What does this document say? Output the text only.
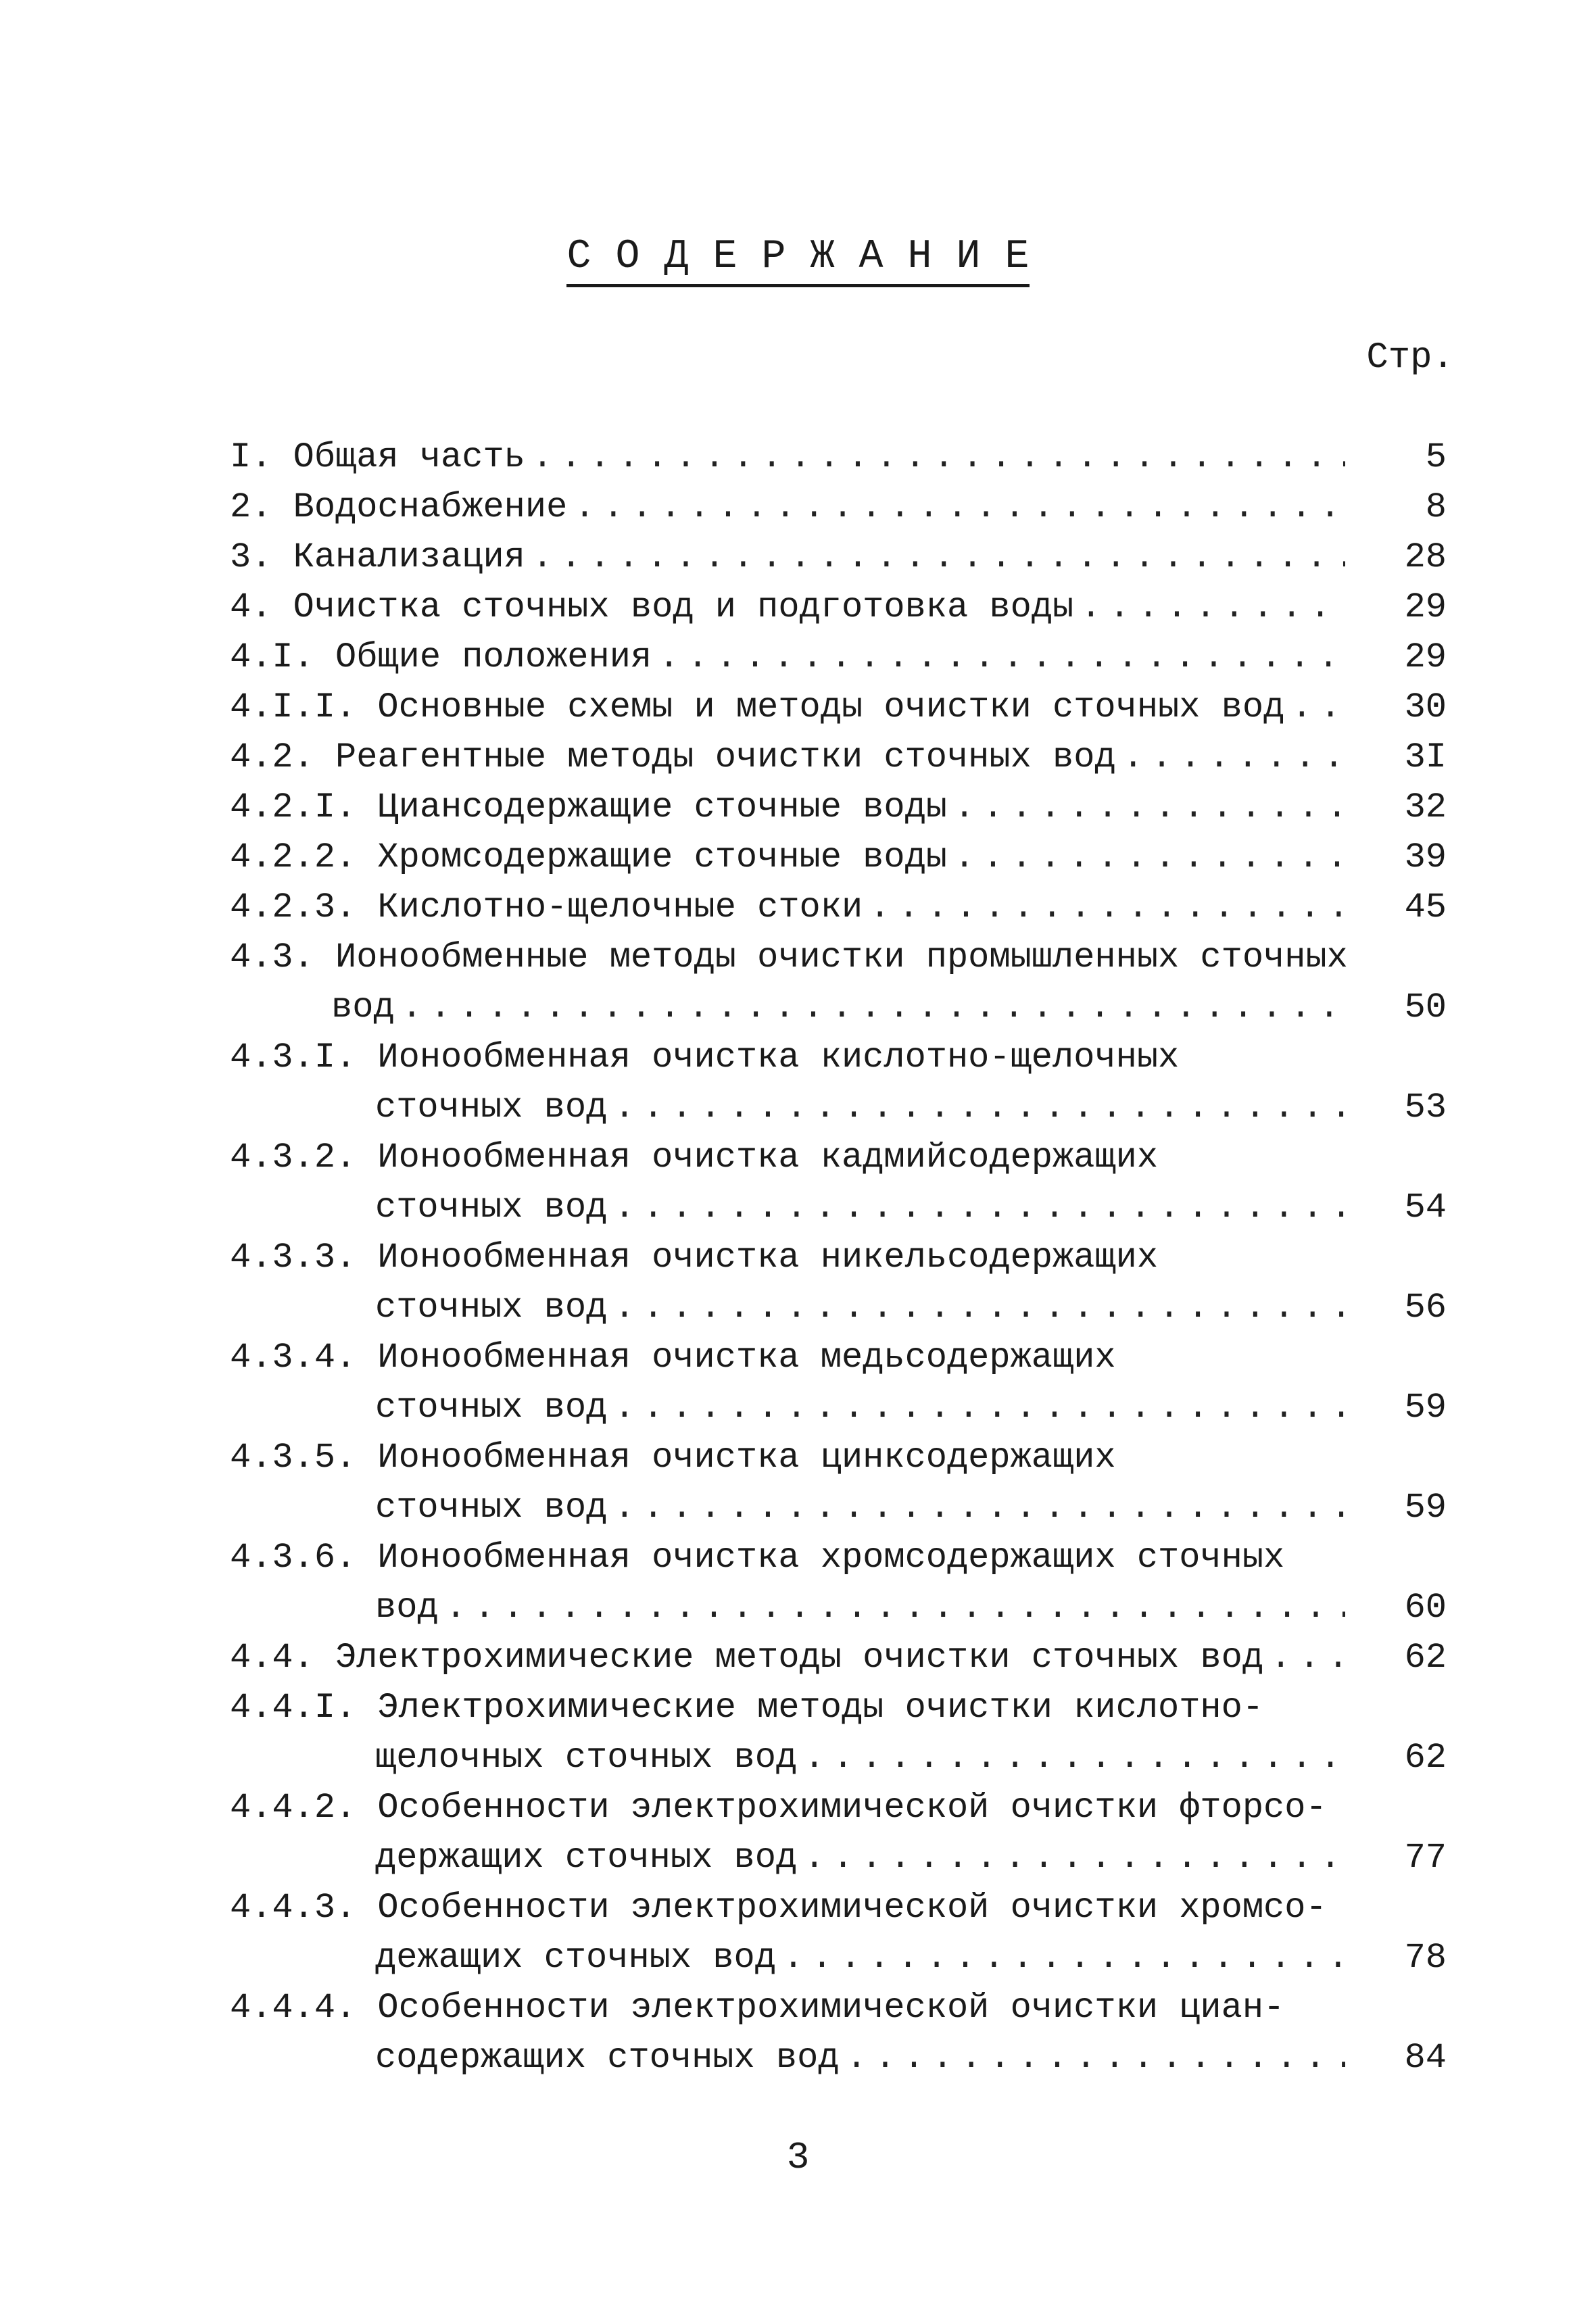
С О Д Е Р Ж А Н И Е
Стр.
I. Общая часть . . .	5
2. Водоснабжение . . .	8
3. Канализация . . .	28
4. Очистка сточных вод и подготовка воды . . .	29
4.I. Общие положения . . .	29
4.I.I. Основные схемы и методы очистки сточных вод . . .	30
4.2. Реагентные методы очистки сточных вод . . .	3I
4.2.I. Циансодержащие сточные воды . . .	32
4.2.2. Хромсодержащие сточные воды . . .	39
4.2.3. Кислотно-щелочные стоки . . .	45
4.3. Ионообменные методы очистки промышленных сточных
вод . . .	50
4.3.I. Ионообменная очистка кислотно-щелочных
сточных вод . . .	53
4.3.2. Ионообменная очистка кадмийсодержащих
сточных вод . . .	54
4.3.3. Ионообменная очистка никельсодержащих
сточных вод . . .	56
4.3.4. Ионообменная очистка медьсодержащих
сточных вод . . .	59
4.3.5. Ионообменная очистка цинксодержащих
сточных вод . . .	59
4.3.6. Ионообменная очистка хромсодержащих сточных
вод . . .	60
4.4. Электрохимические методы очистки сточных вод . . .	62
4.4.I. Электрохимические методы очистки кислотно-
щелочных сточных вод . . .	62
4.4.2. Особенности электрохимической очистки фторсо-
держащих сточных вод . . .	77
4.4.3. Особенности электрохимической очистки хромсо-
дежащих сточных вод . . .	78
4.4.4. Особенности электрохимической очистки циан-
содержащих сточных вод . . .	84
3
